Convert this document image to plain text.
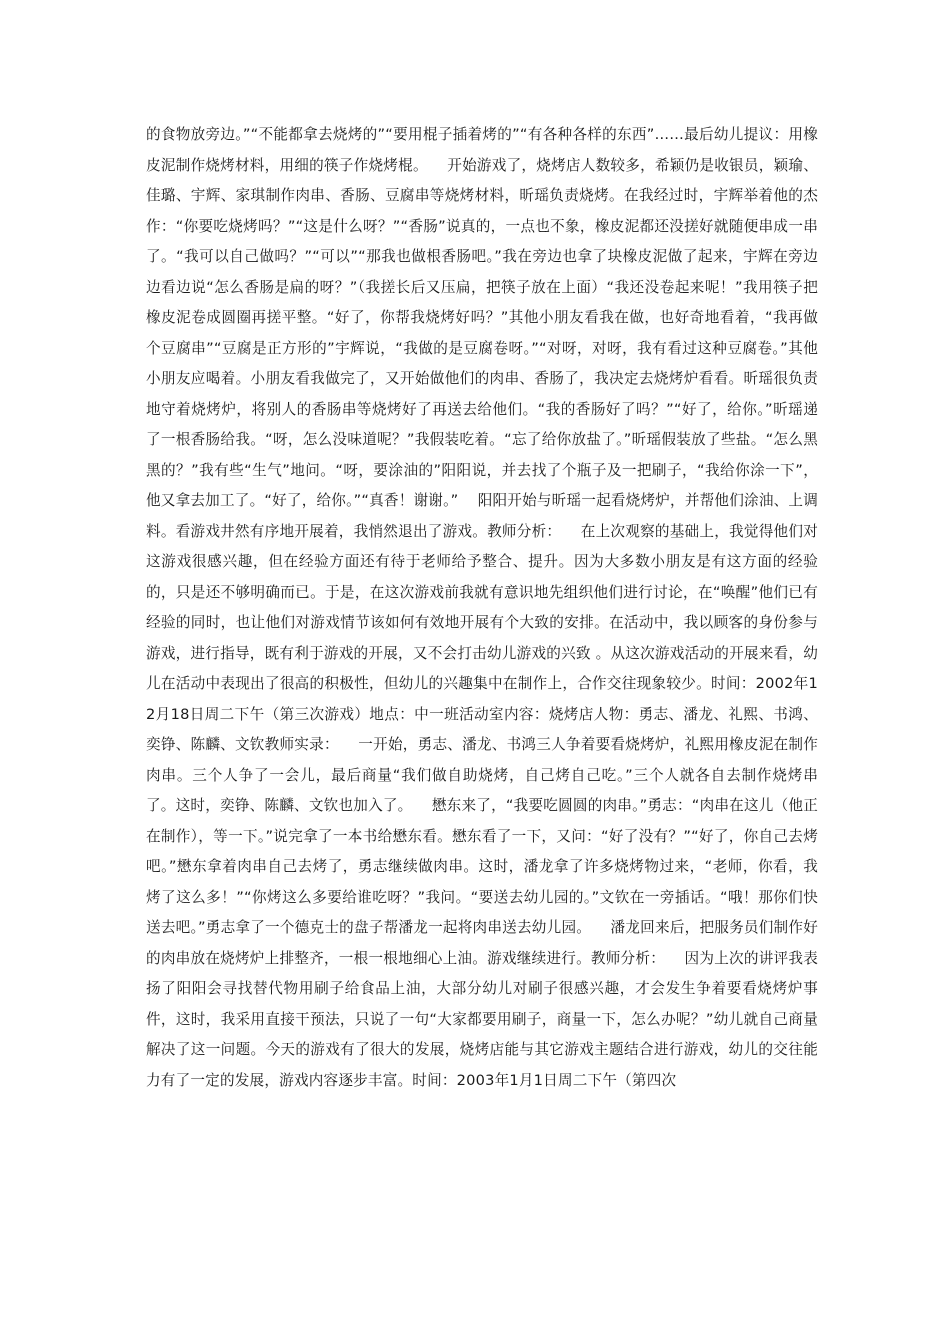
的食物放旁边。”“不能都拿去烧烤的”“要用棍子插着烤的”“有各种各样的东西”……最后幼儿提议：用橡皮泥制作烧烤材料，用细的筷子作烧烤棍。    开始游戏了，烧烤店人数较多，希颖仍是收银员，颖瑜、佳璐、宇辉、家琪制作肉串、香肠、豆腐串等烧烤材料，昕瑶负责烧烤。在我经过时，宇辉举着他的杰作：“你要吃烧烤吗？”“这是什么呀？”“香肠”说真的，一点也不象，橡皮泥都还没搓好就随便串成一串了。“我可以自己做吗？”“可以”“那我也做根香肠吧。”我在旁边也拿了块橡皮泥做了起来，宇辉在旁边边看边说“怎么香肠是扁的呀？”（我搓长后又压扁，把筷子放在上面）“我还没卷起来呢！”我用筷子把橡皮泥卷成圆圈再搓平整。“好了，你帮我烧烤好吗？”其他小朋友看我在做，也好奇地看着，“我再做个豆腐串”“豆腐是正方形的”宇辉说，“我做的是豆腐卷呀。”“对呀，对呀，我有看过这种豆腐卷。”其他小朋友应喝着。小朋友看我做完了，又开始做他们的肉串、香肠了，我决定去烧烤炉看看。昕瑶很负责地守着烧烤炉，将别人的香肠串等烧烤好了再送去给他们。“我的香肠好了吗？”“好了，给你。”昕瑶递了一根香肠给我。“呀，怎么没味道呢？”我假装吃着。“忘了给你放盐了。”昕瑶假装放了些盐。“怎么黑黑的？”我有些“生气”地问。“呀，要涂油的”阳阳说，并去找了个瓶子及一把刷子，“我给你涂一下”，他又拿去加工了。“好了，给你。”“真香！谢谢。”    阳阳开始与昕瑶一起看烧烤炉，并帮他们涂油、上调料。看游戏井然有序地开展着，我悄然退出了游戏。教师分析：    在上次观察的基础上，我觉得他们对这游戏很感兴趣，但在经验方面还有待于老师给予整合、提升。因为大多数小朋友是有这方面的经验的，只是还不够明确而已。于是，在这次游戏前我就有意识地先组织他们进行讨论，在“唤醒”他们已有经验的同时，也让他们对游戏情节该如何有效地开展有个大致的安排。在活动中，我以顾客的身份参与游戏，进行指导，既有利于游戏的开展，又不会打击幼儿游戏的兴致 。从这次游戏活动的开展来看，幼儿在活动中表现出了很高的积极性，但幼儿的兴趣集中在制作上，合作交往现象较少。时间：2002年12月18日周二下午（第三次游戏）地点：中一班活动室内容：烧烤店人物：勇志、潘龙、礼熙、书鸿、奕铮、陈麟、文钦教师实录：    一开始，勇志、潘龙、书鸿三人争着要看烧烤炉，礼熙用橡皮泥在制作肉串。三个人争了一会儿，最后商量“我们做自助烧烤，自己烤自己吃。”三个人就各自去制作烧烤串了。这时，奕铮、陈麟、文钦也加入了。    懋东来了，“我要吃圆圆的肉串。”勇志：“肉串在这儿（他正在制作），等一下。”说完拿了一本书给懋东看。懋东看了一下，又问：“好了没有？”“好了，你自己去烤吧。”懋东拿着肉串自己去烤了，勇志继续做肉串。这时，潘龙拿了许多烧烤物过来，“老师，你看，我烤了这么多！”“你烤这么多要给谁吃呀？”我问。“要送去幼儿园的。”文钦在一旁插话。“哦！那你们快送去吧。”勇志拿了一个德克士的盘子帮潘龙一起将肉串送去幼儿园。    潘龙回来后，把服务员们制作好的肉串放在烧烤炉上排整齐，一根一根地细心上油。游戏继续进行。教师分析：    因为上次的讲评我表扬了阳阳会寻找替代物用刷子给食品上油，大部分幼儿对刷子很感兴趣，才会发生争着要看烧烤炉事件，这时，我采用直接干预法，只说了一句“大家都要用刷子，商量一下，怎么办呢？”幼儿就自己商量解决了这一问题。今天的游戏有了很大的发展，烧烤店能与其它游戏主题结合进行游戏，幼儿的交往能力有了一定的发展，游戏内容逐步丰富。时间：2003年1月1日周二下午（第四次
